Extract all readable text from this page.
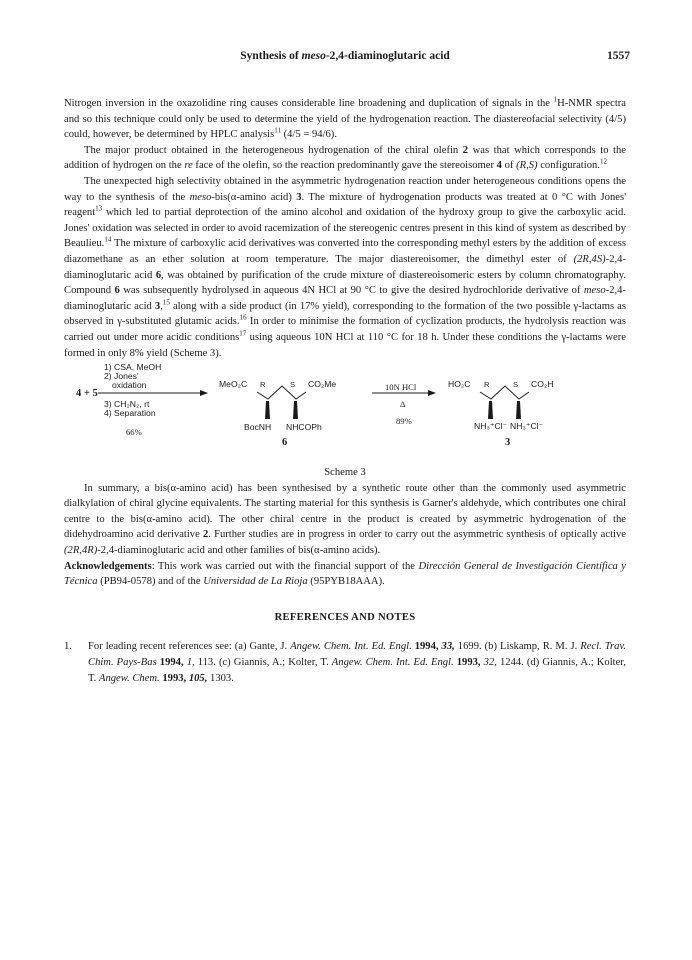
Synthesis of meso-2,4-diaminoglutaric acid	1557

Nitrogen inversion in the oxazolidine ring causes considerable line broadening and duplication of signals in the $^1$H-NMR spectra and so this technique could only be used to determine the yield of the hydrogenation reaction. The diastereofacial selectivity (4/5) could, however, be determined by HPLC analysis$^{11}$ (4/5 = 94/6).

The major product obtained in the heterogeneous hydrogenation of the chiral olefin 2 was that which corresponds to the addition of hydrogen on the re face of the olefin, so the reaction predominantly gave the stereoisomer 4 of (R,S) configuration.$^{12}$

The unexpected high selectivity obtained in the asymmetric hydrogenation reaction under heterogeneous conditions opens the way to the synthesis of the meso-bis(α-amino acid) 3. The mixture of hydrogenation products was treated at 0 °C with Jones' reagent$^{13}$ which led to partial deprotection of the amino alcohol and oxidation of the hydroxy group to give the carboxylic acid. Jones' oxidation was selected in order to avoid racemization of the stereogenic centres present in this kind of system as described by Beaulieu.$^{14}$ The mixture of carboxylic acid derivatives was converted into the corresponding methyl esters by the addition of excess diazomethane as an ether solution at room temperature. The major diastereoisomer, the dimethyl ester of (2R,4S)-2,4-diaminoglutaric acid 6, was obtained by purification of the crude mixture of diastereoisomeric esters by column chromatography. Compound 6 was subsequently hydrolysed in aqueous 4N HCl at 90 °C to give the desired hydrochloride derivative of meso-2,4-diaminoglutaric acid 3,15 along with a side product (in 17% yield), corresponding to the formation of the two possible γ-lactams as observed in γ-substituted glutamic acids.$^{16}$ In order to minimise the formation of cyclization products, the hydrolysis reaction was carried out under more acidic conditions$^{17}$ using aqueous 10N HCl at 110 °C for 18 h. Under these conditions the γ-lactams were formed in only 8% yield (Scheme 3).

4 + 5
1) CSA, MeOH
2) Jones'
oxidation
3) CH₂N₂, rt
4) Separation
66%
MeO₂C R	S CO₂Me
BocNH NHCOPh
6
10N HCl
Δ
89%
HO₂C R	S CO₂H
NH₃⁺Cl⁻ NH₃⁺Cl⁻
3
Scheme 3

In summary, a bis(α-amino acid) has been synthesised by a synthetic route other than the commonly used asymmetric dialkylation of chiral glycine equivalents. The starting material for this synthesis is Garner's aldehyde, which contributes one chiral centre to the bis(α-amino acid). The other chiral centre in the product is created by asymmetric hydrogenation of the didehydroamino acid derivative 2. Further studies are in progress in order to carry out the asymmetric synthesis of optically active (2R,4R)-2,4-diaminoglutaric acid and other families of bis(α-amino acids).

Acknowledgements: This work was carried out with the financial support of the Dirección General de Investigación Científica y Técnica (PB94-0578) and of the Universidad de La Rioja (95PYB18AAA).

REFERENCES AND NOTES
1.	For leading recent references see: (a) Gante, J. Angew. Chem. Int. Ed. Engl. 1994, 33, 1699. (b) Liskamp, R. M. J. Recl. Trav. Chim. Pays-Bas 1994, 1, 113. (c) Giannis, A.; Kolter, T. Angew. Chem. Int. Ed. Engl. 1993, 32, 1244. (d) Giannis, A.; Kolter, T. Angew. Chem. 1993, 105, 1303.
